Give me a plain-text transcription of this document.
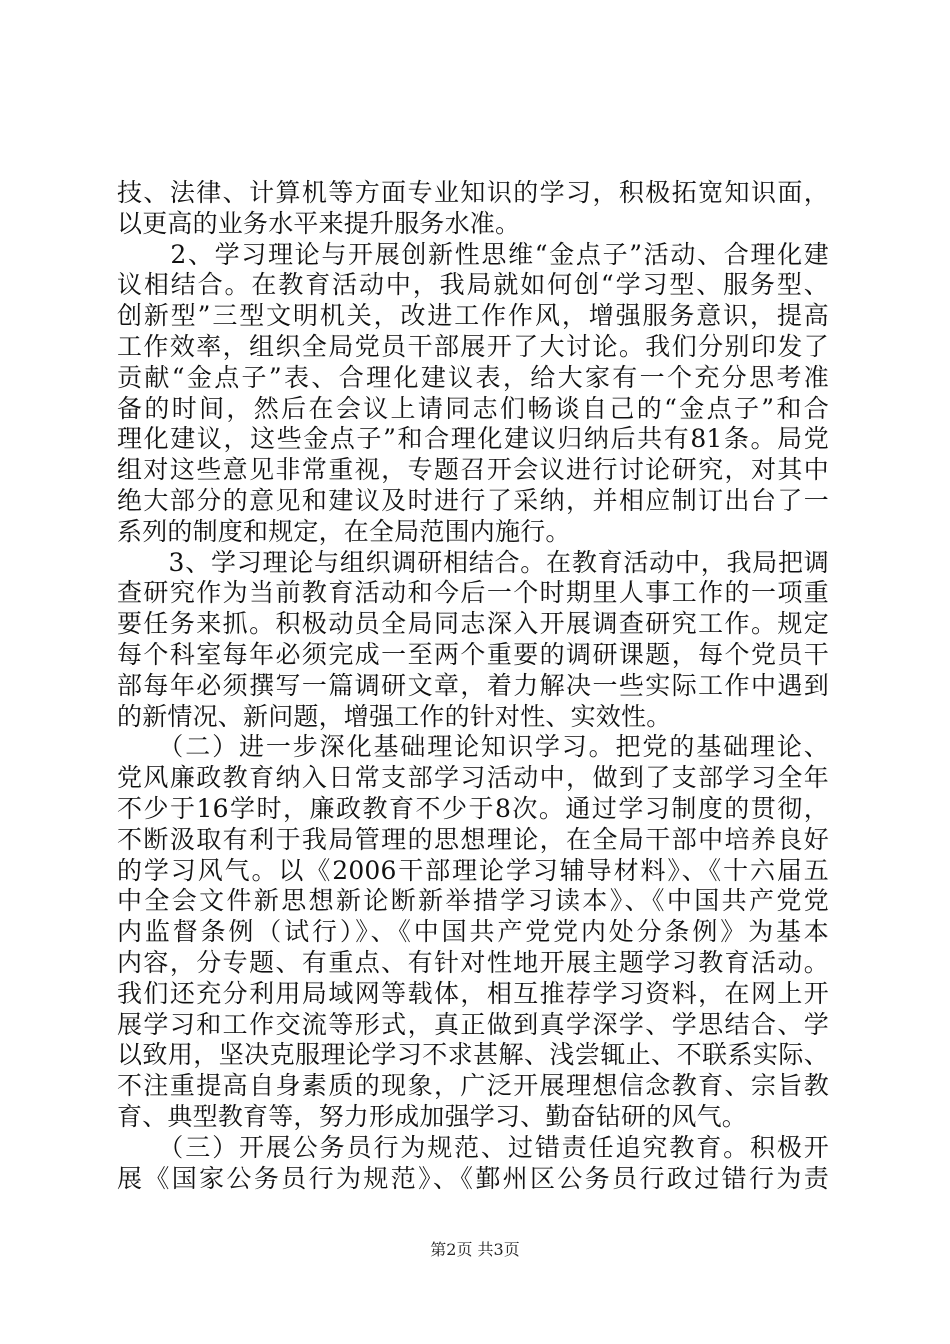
技、法律、计算机等方面专业知识的学习，积极拓宽知识面，
以更高的业务水平来提升服务水准。
　　2、学习理论与开展创新性思维“金点子”活动、合理化建
议相结合。在教育活动中，我局就如何创“学习型、服务型、
创新型”三型文明机关，改进工作作风，增强服务意识，提高
工作效率，组织全局党员干部展开了大讨论。我们分别印发了
贡献“金点子”表、合理化建议表，给大家有一个充分思考准
备的时间，然后在会议上请同志们畅谈自己的“金点子”和合
理化建议，这些金点子”和合理化建议归纳后共有81条。局党
组对这些意见非常重视，专题召开会议进行讨论研究，对其中
绝大部分的意见和建议及时进行了采纳，并相应制订出台了一
系列的制度和规定，在全局范围内施行。
　　3、学习理论与组织调研相结合。在教育活动中，我局把调
查研究作为当前教育活动和今后一个时期里人事工作的一项重
要任务来抓。积极动员全局同志深入开展调查研究工作。规定
每个科室每年必须完成一至两个重要的调研课题，每个党员干
部每年必须撰写一篇调研文章，着力解决一些实际工作中遇到
的新情况、新问题，增强工作的针对性、实效性。
　　（二）进一步深化基础理论知识学习。把党的基础理论、
党风廉政教育纳入日常支部学习活动中，做到了支部学习全年
不少于16学时，廉政教育不少于8次。通过学习制度的贯彻，
不断汲取有利于我局管理的思想理论，在全局干部中培养良好
的学习风气。以《2006干部理论学习辅导材料》、《十六届五
中全会文件新思想新论断新举措学习读本》、《中国共产党党
内监督条例（试行）》、《中国共产党党内处分条例》为基本
内容，分专题、有重点、有针对性地开展主题学习教育活动。
我们还充分利用局域网等载体，相互推荐学习资料，在网上开
展学习和工作交流等形式，真正做到真学深学、学思结合、学
以致用，坚决克服理论学习不求甚解、浅尝辄止、不联系实际、
不注重提高自身素质的现象，广泛开展理想信念教育、宗旨教
育、典型教育等，努力形成加强学习、勤奋钻研的风气。
　　（三）开展公务员行为规范、过错责任追究教育。积极开
展《国家公务员行为规范》、《鄞州区公务员行政过错行为责
第2页 共3页
